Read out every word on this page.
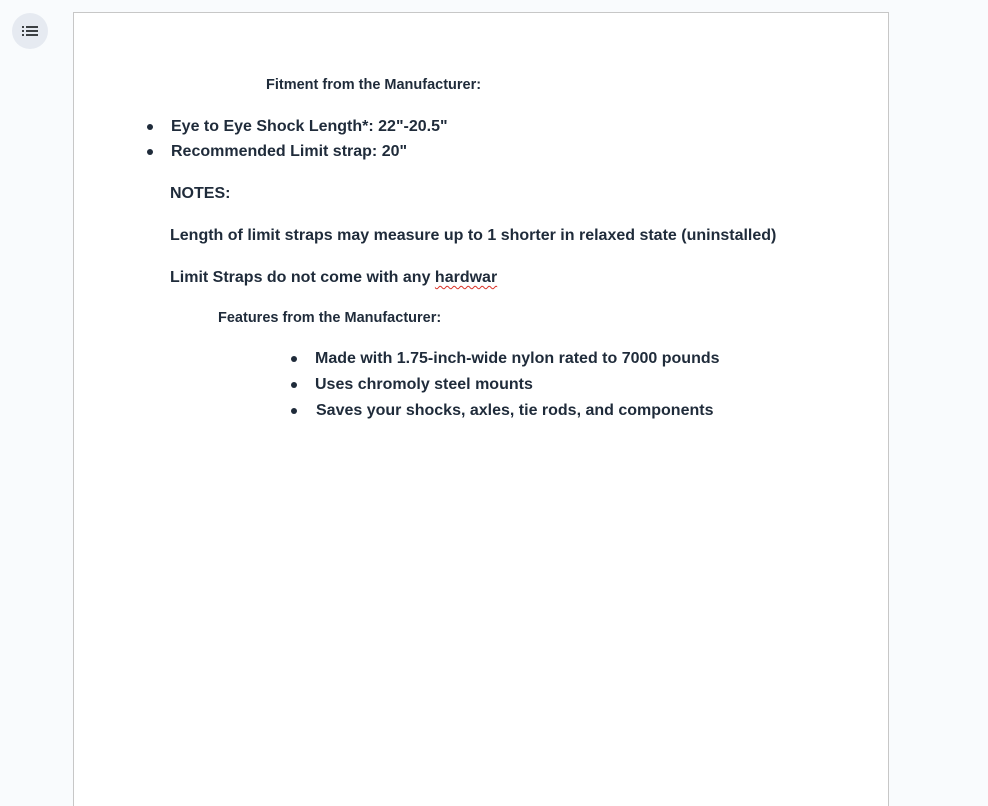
Fitment from the Manufacturer:
Eye to Eye Shock Length*: 22"-20.5"
Recommended Limit strap: 20"
NOTES:
Length of limit straps may measure up to 1 shorter in relaxed state (uninstalled)
Limit Straps do not come with any hardwar
Features from the Manufacturer:
Made with 1.75-inch-wide nylon rated to 7000 pounds
Uses chromoly steel mounts
Saves your shocks, axles, tie rods, and components
